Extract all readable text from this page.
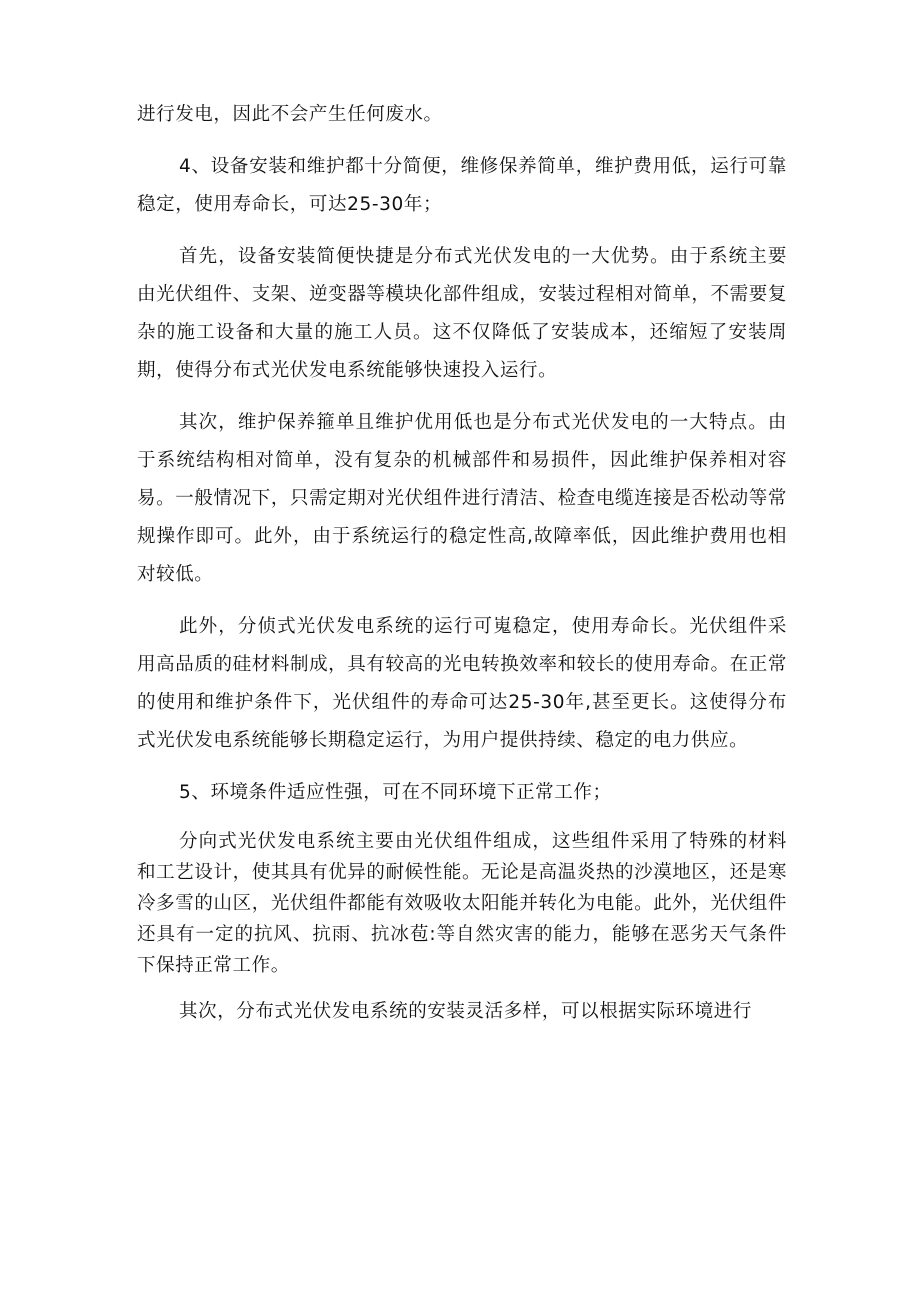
进行发电，因此不会产生任何废水。

4、设备安装和维护都十分简便，维修保养简单，维护费用低，运行可靠稳定，使用寿命长，可达25-30年；

首先，设备安装简便快捷是分布式光伏发电的一大优势。由于系统主要由光伏组件、支架、逆变器等模块化部件组成，安装过程相对简单，不需要复杂的施工设备和大量的施工人员。这不仅降低了安装成本，还缩短了安装周期，使得分布式光伏发电系统能够快速投入运行。

其次，维护保养箍单且维护优用低也是分布式光伏发电的一大特点。由于系统结构相对简单，没有复杂的机械部件和易损件，因此维护保养相对容易。一般情况下，只需定期对光伏组件进行清洁、检查电缆连接是否松动等常规操作即可。此外，由于系统运行的稳定性高,故障率低，因此维护费用也相对较低。

此外，分侦式光伏发电系统的运行可嵬稳定，使用寿命长。光伏组件采用高品质的硅材料制成，具有较高的光电转换效率和较长的使用寿命。在正常的使用和维护条件下，光伏组件的寿命可达25-30年,甚至更长。这使得分布式光伏发电系统能够长期稳定运行，为用户提供持续、稳定的电力供应。

5、环境条件适应性强，可在不同环境下正常工作；

分向式光伏发电系统主要由光伏组件组成，这些组件采用了特殊的材料和工艺设计，使其具有优异的耐候性能。无论是高温炎热的沙漠地区，还是寒冷多雪的山区，光伏组件都能有效吸收太阳能并转化为电能。此外，光伏组件还具有一定的抗风、抗雨、抗冰苞:等自然灾害的能力，能够在恶劣天气条件下保持正常工作。

其次，分布式光伏发电系统的安装灵活多样，可以根据实际环境进行
